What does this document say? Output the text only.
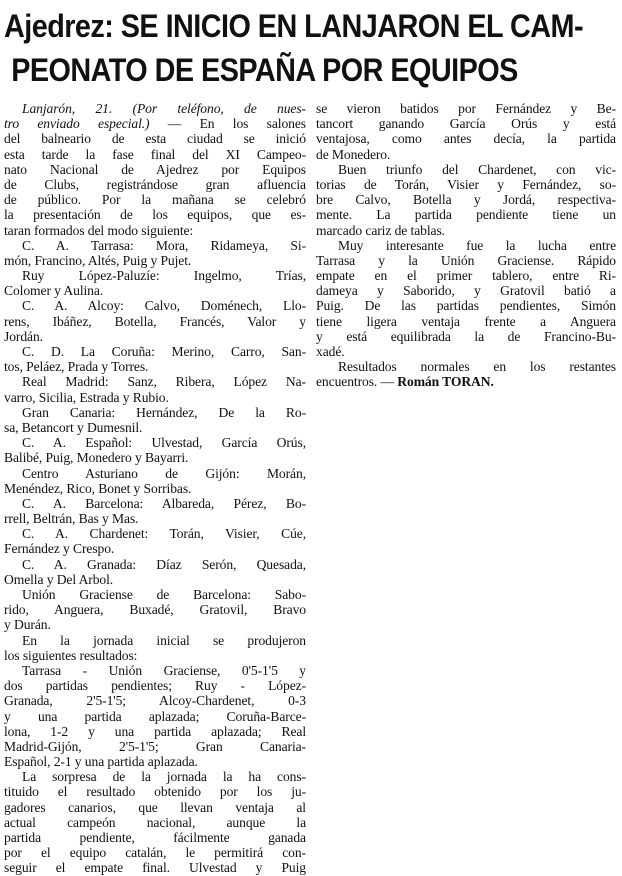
Ajedrez: SE INICIO EN LANJARON EL CAM-
PEONATO DE ESPAÑA POR EQUIPOS
Lanjarón, 21. (Por teléfono, de nues-
tro enviado especial.) — En los salones
del balneario de esta ciudad se inició
esta tarde la fase final del XI Campeo-
nato Nacional de Ajedrez por Equipos
de Clubs, registrándose gran afluencia
de público. Por la mañana se celebró
la presentación de los equipos, que es-
taran formados del modo siguiente:
C. A. Tarrasa: Mora, Ridameya, Si-
món, Francino, Altés, Puig y Pujet.
Ruy López-Paluzíe: Ingelmo, Trías,
Colomer y Aulina.
C. A. Alcoy: Calvo, Doménech, Llo-
rens, Ibáñez, Botella, Francés, Valor y
Jordán.
C. D. La Coruña: Merino, Carro, San-
tos, Peláez, Prada y Torres.
Real Madrid: Sanz, Ribera, López Na-
varro, Sicilia, Estrada y Rubio.
Gran Canaria: Hernández, De la Ro-
sa, Betancort y Dumesnil.
C. A. Español: Ulvestad, García Orús,
Balibé, Puig, Monedero y Bayarri.
Centro Asturiano de Gijón: Morán,
Menéndez, Rico, Bonet y Sorribas.
C. A. Barcelona: Albareda, Pérez, Bo-
rrell, Beltrán, Bas y Mas.
C. A. Chardenet: Torán, Visier, Cúe,
Fernández y Crespo.
C. A. Granada: Díaz Serón, Quesada,
Omella y Del Arbol.
Unión Graciense de Barcelona: Sabo-
rido, Anguera, Buxadé, Gratovil, Bravo
y Durán.
En la jornada inicial se produjeron
los siguientes resultados:
Tarrasa - Unión Graciense, 0'5-1'5 y
dos partidas pendientes; Ruy - López-
Granada, 2'5-1'5; Alcoy-Chardenet, 0-3
y una partida aplazada; Coruña-Barce-
lona, 1-2 y una partida aplazada; Real
Madrid-Gijón, 2'5-1'5; Gran Canaria-
Español, 2-1 y una partida aplazada.
La sorpresa de la jornada la ha cons-
tituido el resultado obtenido por los ju-
gadores canarios, que llevan ventaja al
actual campeón nacional, aunque la
partida pendiente, fácilmente ganada
por el equipo catalán, le permitirá con-
seguir el empate final. Ulvestad y Puig
se vieron batidos por Fernández y Be-
tancort ganando García Orús y está
ventajosa, como antes decía, la partida
de Monedero.
Buen triunfo del Chardenet, con vic-
torias de Torán, Visier y Fernández, so-
bre Calvo, Botella y Jordá, respectiva-
mente. La partida pendiente tiene un
marcado cariz de tablas.
Muy interesante fue la lucha entre
Tarrasa y la Unión Graciense. Rápido
empate en el primer tablero, entre Ri-
dameya y Saborido, y Gratovil batió a
Puig. De las partidas pendientes, Simón
tiene ligera ventaja frente a Anguera
y está equilibrada la de Francino-Bu-
xadé.
Resultados normales en los restantes
encuentros. — Román TORAN.
